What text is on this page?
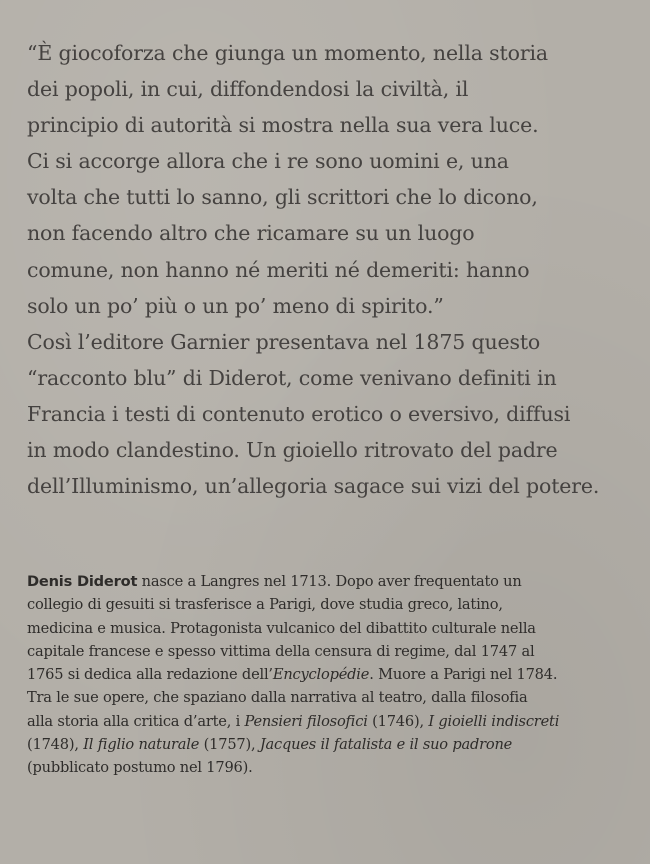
“È giocoforza che giunga un momento, nella storia
dei popoli, in cui, diffondendosi la civiltà, il
principio di autorità si mostra nella sua vera luce.
Ci si accorge allora che i re sono uomini e, una
volta che tutti lo sanno, gli scrittori che lo dicono,
non facendo altro che ricamare su un luogo
comune, non hanno né meriti né demeriti: hanno
solo un po’ più o un po’ meno di spirito.”
Così l’editore Garnier presentava nel 1875 questo
“racconto blu” di Diderot, come venivano definiti in
Francia i testi di contenuto erotico o eversivo, diffusi
in modo clandestino. Un gioiello ritrovato del padre
dell’Illuminismo, un’allegoria sagace sui vizi del potere.
Denis Diderot nasce a Langres nel 1713. Dopo aver frequentato un
collegio di gesuiti si trasferisce a Parigi, dove studia greco, latino,
medicina e musica. Protagonista vulcanico del dibattito culturale nella
capitale francese e spesso vittima della censura di regime, dal 1747 al
1765 si dedica alla redazione dell’Encyclopédie. Muore a Parigi nel 1784.
Tra le sue opere, che spaziano dalla narrativa al teatro, dalla filosofia
alla storia alla critica d’arte, i Pensieri filosofici (1746), I gioielli indiscreti
(1748), Il figlio naturale (1757), Jacques il fatalista e il suo padrone
(pubblicato postumo nel 1796).
